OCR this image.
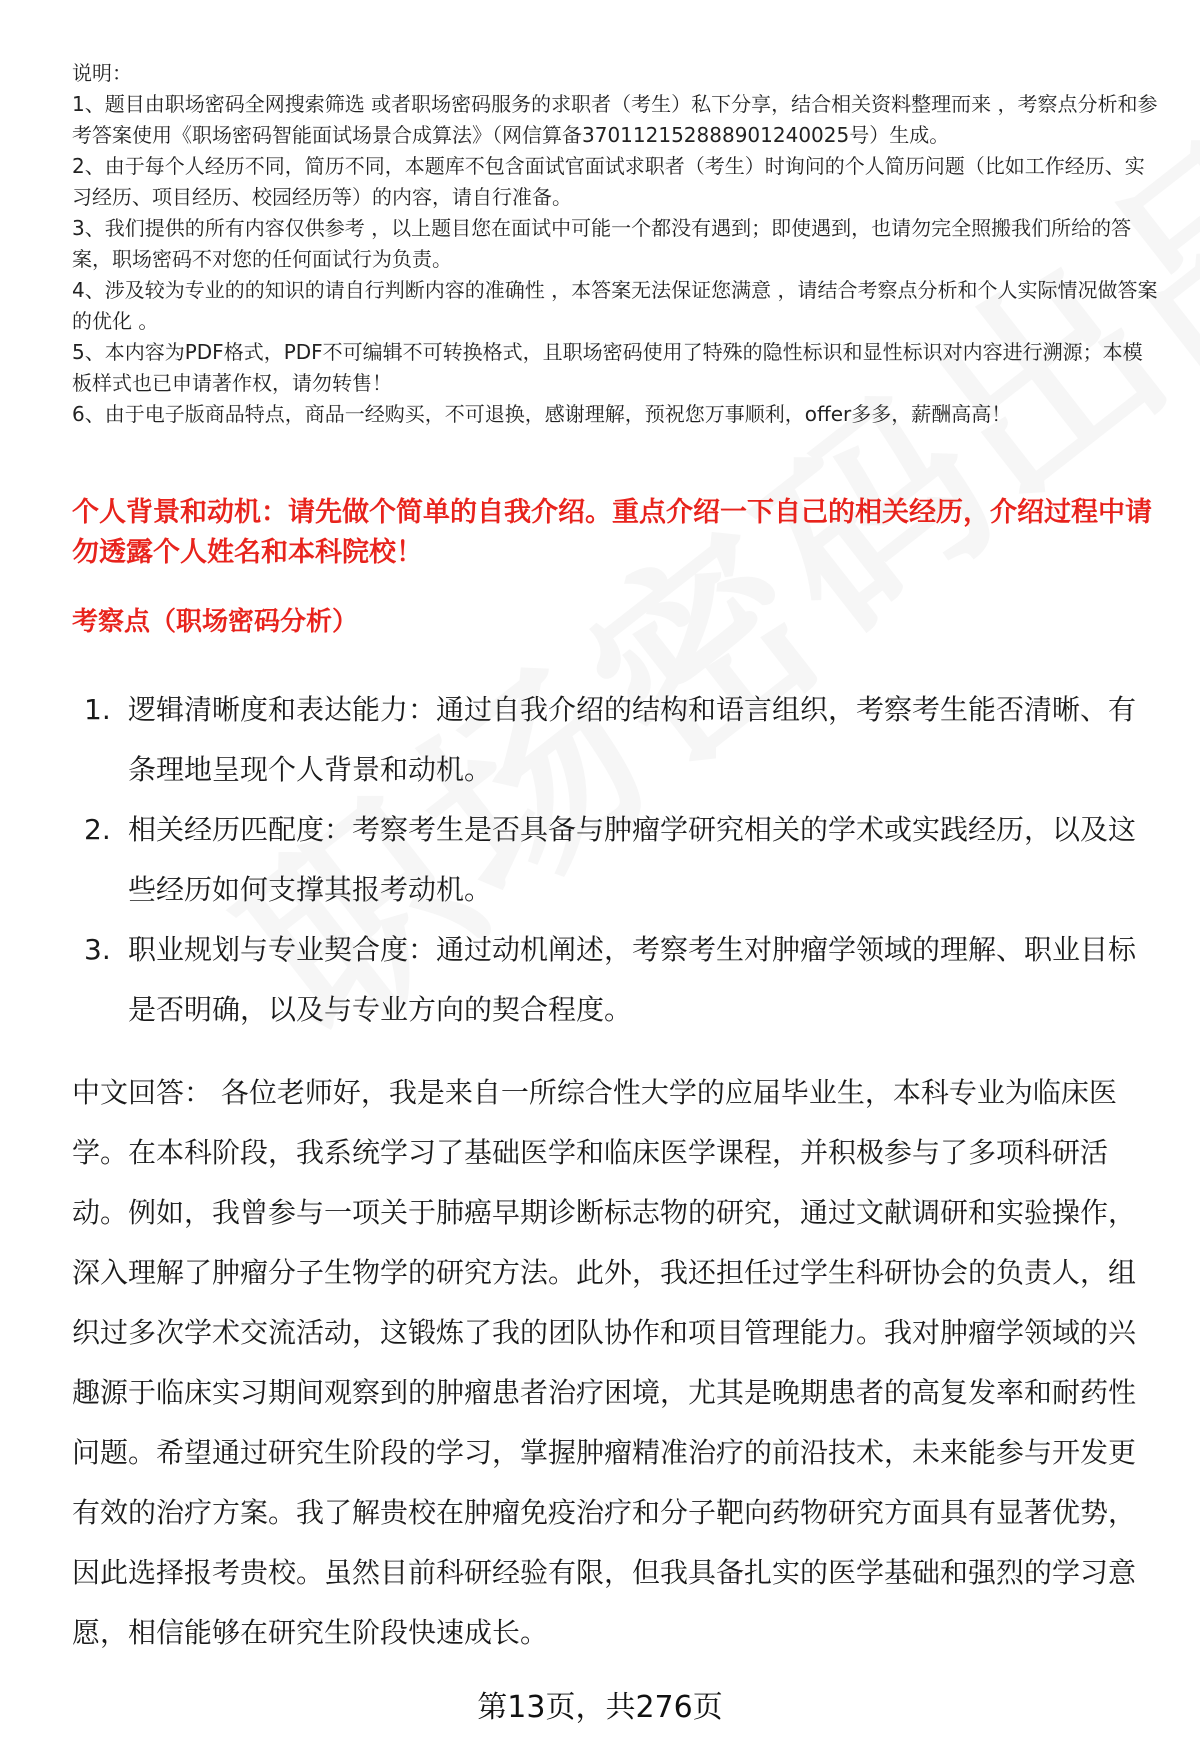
说明：

1、题目由职场密码全网搜索筛选 或者职场密码服务的求职者（考生）私下分享，结合相关资料整理而来 ，考察点分析和参考答案使用《职场密码智能面试场景合成算法》（网信算备370112152888901240025号）生成。

2、由于每个人经历不同，简历不同，本题库不包含面试官面试求职者（考生）时询问的个人简历问题（比如工作经历、实习经历、项目经历、校园经历等）的内容，请自行准备。

3、我们提供的所有内容仅供参考 ，以上题目您在面试中可能一个都没有遇到；即使遇到，也请勿完全照搬我们所给的答案，职场密码不对您的任何面试行为负责。

4、涉及较为专业的的知识的请自行判断内容的准确性 ，本答案无法保证您满意 ，请结合考察点分析和个人实际情况做答案的优化 。

5、本内容为PDF格式，PDF不可编辑不可转换格式，且职场密码使用了特殊的隐性标识和显性标识对内容进行溯源；本模板样式也已申请著作权，请勿转售！

6、由于电子版商品特点，商品一经购买，不可退换，感谢理解，预祝您万事顺利，offer多多，薪酬高高！

个人背景和动机：请先做个简单的自我介绍。重点介绍一下自己的相关经历，介绍过程中请勿透露个人姓名和本科院校！
考察点（职场密码分析）
1. 逻辑清晰度和表达能力：通过自我介绍的结构和语言组织，考察考生能否清晰、有条理地呈现个人背景和动机。
2. 相关经历匹配度：考察考生是否具备与肿瘤学研究相关的学术或实践经历，以及这些经历如何支撑其报考动机。
3. 职业规划与专业契合度：通过动机阐述，考察考生对肿瘤学领域的理解、职业目标是否明确，以及与专业方向的契合程度。
中文回答： 各位老师好，我是来自一所综合性大学的应届毕业生，本科专业为临床医学。在本科阶段，我系统学习了基础医学和临床医学课程，并积极参与了多项科研活动。例如，我曾参与一项关于肺癌早期诊断标志物的研究，通过文献调研和实验操作，深入理解了肿瘤分子生物学的研究方法。此外，我还担任过学生科研协会的负责人，组织过多次学术交流活动，这锻炼了我的团队协作和项目管理能力。我对肿瘤学领域的兴趣源于临床实习期间观察到的肿瘤患者治疗困境，尤其是晚期患者的高复发率和耐药性问题。希望通过研究生阶段的学习，掌握肿瘤精准治疗的前沿技术，未来能参与开发更有效的治疗方案。我了解贵校在肿瘤免疫治疗和分子靶向药物研究方面具有显著优势，因此选择报考贵校。虽然目前科研经验有限，但我具备扎实的医学基础和强烈的学习意愿，相信能够在研究生阶段快速成长。
第13页，共276页
